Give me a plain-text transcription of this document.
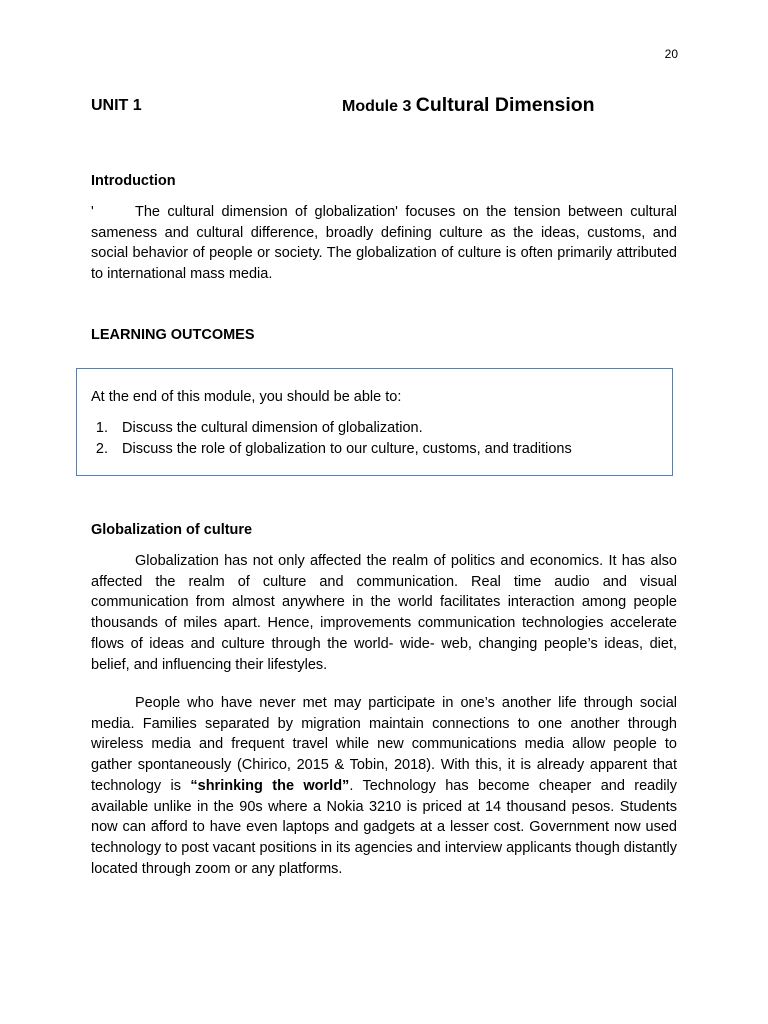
20
UNIT 1	Module 3 Cultural Dimension
Introduction

'	The cultural dimension of globalization' focuses on the tension between cultural sameness and cultural difference, broadly defining culture as the ideas, customs, and social behavior of people or society. The globalization of culture is often primarily attributed to international mass media.

LEARNING OUTCOMES
At the end of this module, you should be able to:
1. Discuss the cultural dimension of globalization.
2. Discuss the role of globalization to our culture, customs, and traditions
Globalization of culture

Globalization has not only affected the realm of politics and economics. It has also affected the realm of culture and communication. Real time audio and visual communication from almost anywhere in the world facilitates interaction among people thousands of miles apart. Hence, improvements communication technologies accelerate flows of ideas and culture through the world- wide- web, changing people’s ideas, diet, belief, and influencing their lifestyles.

People who have never met may participate in one’s another life through social media. Families separated by migration maintain connections to one another through wireless media and frequent travel while new communications media allow people to gather spontaneously (Chirico, 2015 & Tobin, 2018). With this, it is already apparent that technology is “shrinking the world”. Technology has become cheaper and readily available unlike in the 90s where a Nokia 3210 is priced at 14 thousand pesos. Students now can afford to have even laptops and gadgets at a lesser cost. Government now used technology to post vacant positions in its agencies and interview applicants though distantly located through zoom or any platforms.
